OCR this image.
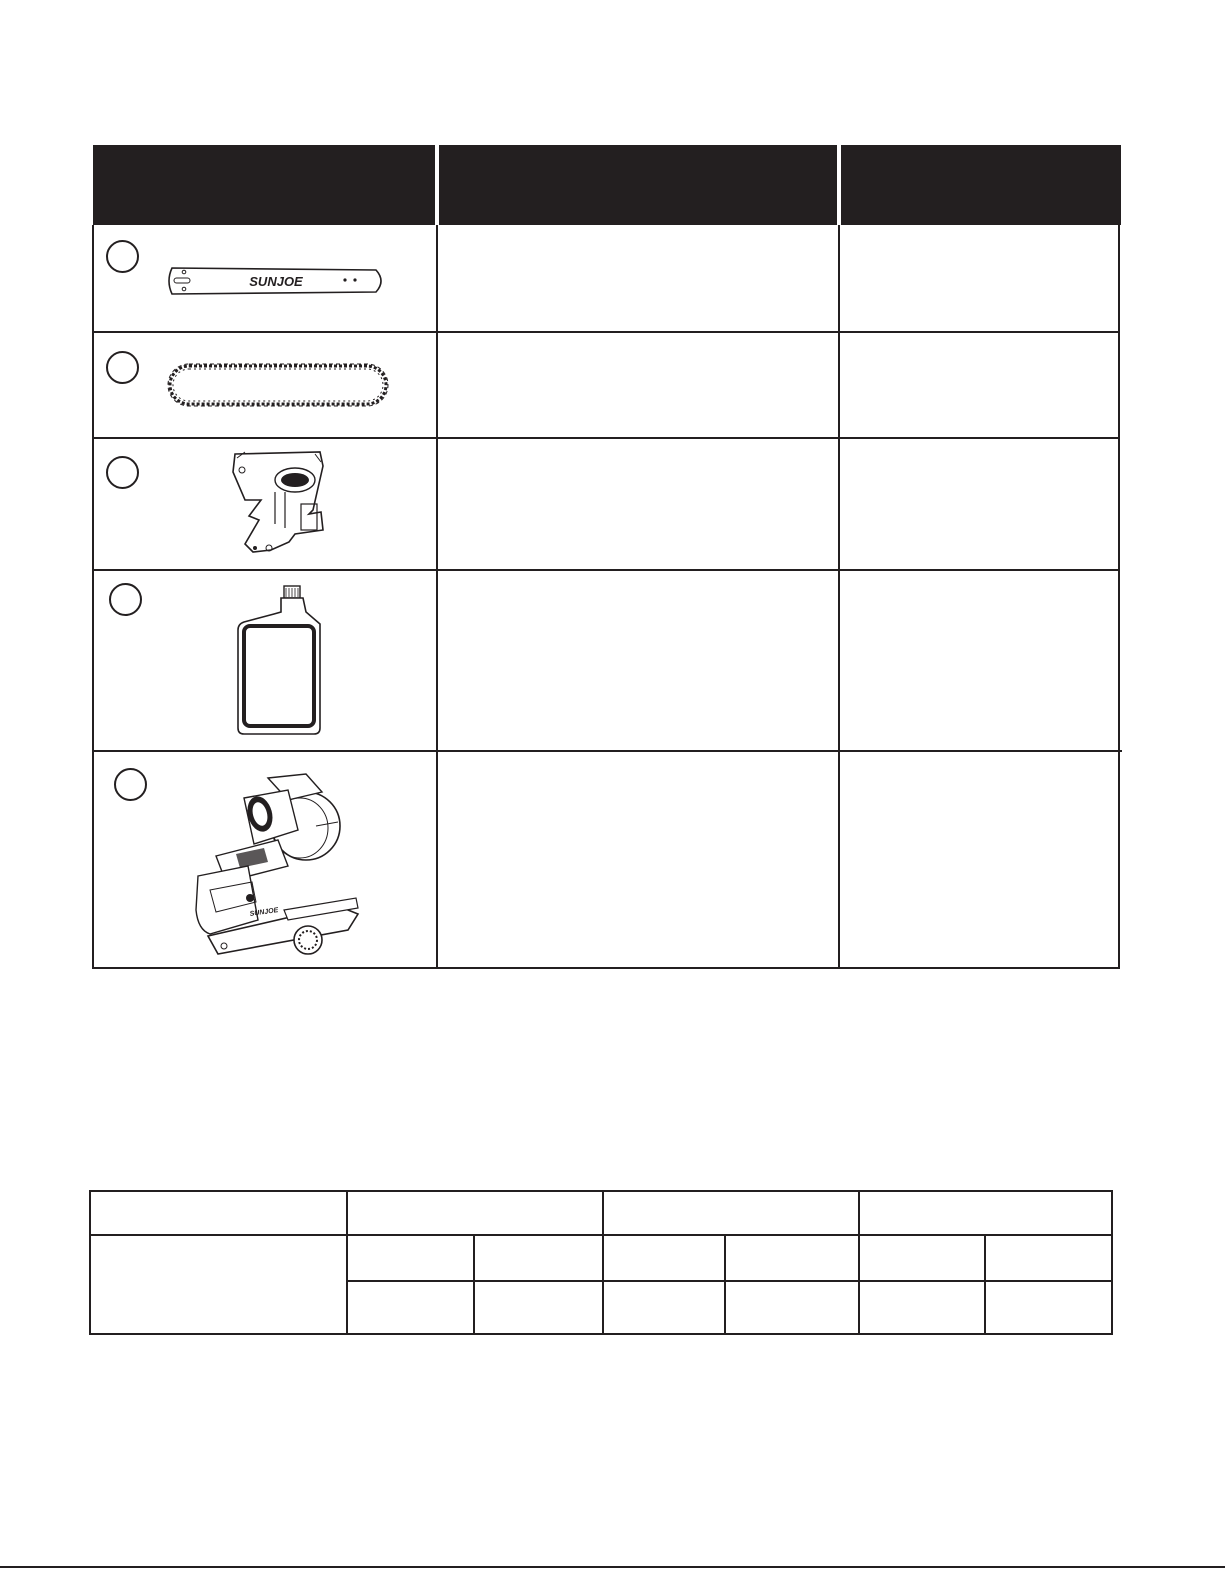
SUNJOE
SUNJOE
